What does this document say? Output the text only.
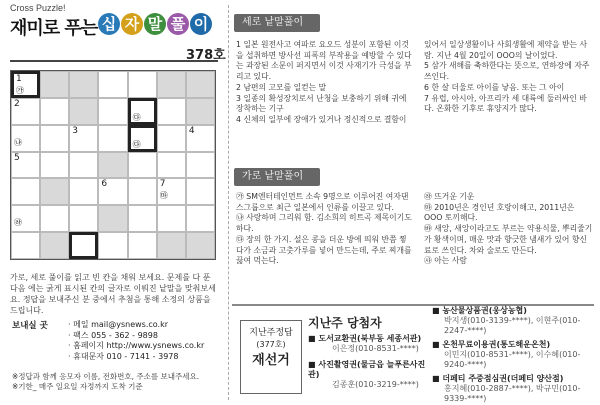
Cross Puzzle!
재미로 푸는 십 자 말 풀 이
378호
1
㉮
2
㉰
㉯
3
㉰
4
5
6	7
㉲
㉱
가로, 세로 풀이를 읽고 빈 칸을 채워 보세요. 문제를 다 푼 다음 에는 굵게 표시된 칸의 글자로 이뤄진 낱말을 맞춰보세요. 정답을 보내주신 분 중에서 추첨을 통해 소정의 상품을 드립니다.
보내실 곳	· 메일 mail@ysnews.co.kr
· 팩스 055 - 362 - 9898
· 홈페이지 http://www.ysnews.co.kr
· 휴대문자 010 - 7141 - 3978
※정답과 함께 응모자 이름, 전화번호, 주소를 보내주세요.
※기한_ 매주 일요일 자정까지 도착 기준
세로 낱말풀이

1 일본 원전사고 여파로 요오드 성분이 포함된 이것을 섭취하면 방사선 피폭의 부작용을 예방할 수 있다는 과장된 소문이 퍼지면서 이것 사재기가 극성을 부리고 있다.

2 남편의 고모를 일컫는 말

3 일종의 확성장치로서 난청을 보충하기 위해 귀에 장착하는 기구

4 신체의 일부에 장애가 있거나 정신적으로 결함이

있어서 일상생활이나 사회생활에 제약을 받는 사람. 지난 4월 20일이 OOO의 날이었다.

5 삼가 새해를 축하한다는 뜻으로, 연하장에 자주 쓰인다.

6 한 살 더울로 아이를 낳음. 또는 그 아이

7 유럽, 아시아, 아프리카 세 대륙에 둘러싸인 바다. 온화한 기후로 휴양지가 많다.

가로 낱말풀이

㉮ SM엔터테인먼트 소속 9명으로 이루어진 여자댄스그룹으로 최근 일본에서 인류를 이끌고 있다.

㉯ 사랑하며 그리워 함. 김소희의 히트곡 제목이기도 하다.

㉰ 장의 한 가지. 설은 콩을 더운 방에 띄워 반쯤 찧다가 소금과 고춧가루를 넣어 만드는데, 주로 찌개를 끓여 먹는다.

㉱ 뜨거운 기운

㉲ 2010년은 경인년 호랑이해고, 2011년은 OOO 토끼해다.

㉳ 새앙, 새앙이라고도 부르는 약용식물, 뿌리줄기가 황색이며, 매운 맛과 향긋한 냄새가 있어 향신료로 쓰인다. 차와 술로도 만든다.

㉴ 아는 사람

지난주정답
(377호)
재선거
지난주 당첨자
■ 도서교환권(북부동 세종서관)
이은정(010-8531-****)
■ 사진촬영권(물금읍 늘푸른사진관)
김종훈(010-3219-****)
■ 농산물상품권(웅상농협)
박지생(010-3139-****), 이현주(010-2247-****)
■ 온천무료이용권(통도해운온천)
이민지(010-8531-****), 이수혜(010-9240-****)
■ 더페티 주중점심권(더페티 양산점)
홍지혜(010-2887-****), 박규민(010-9339-****)
